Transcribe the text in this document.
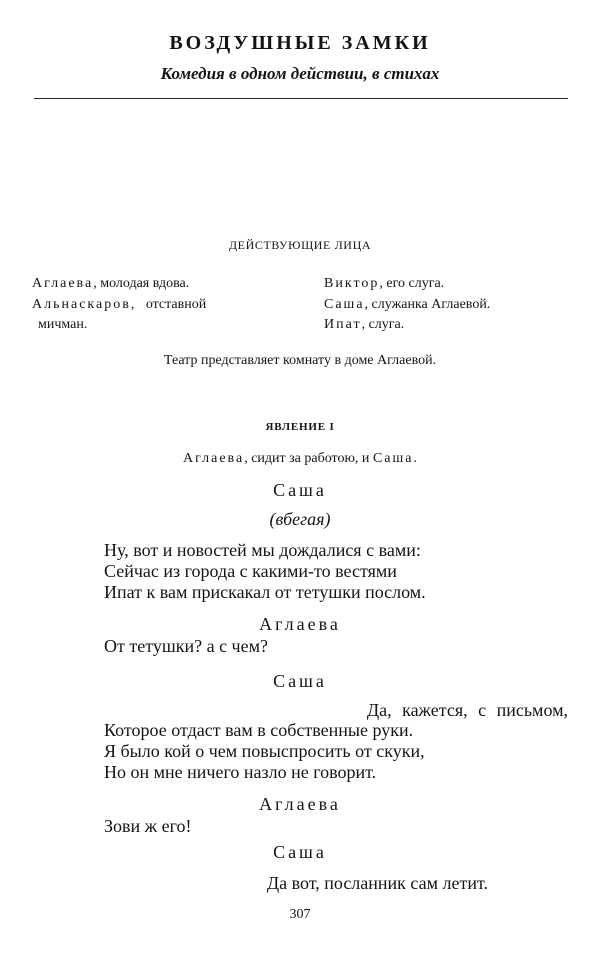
ВОЗДУШНЫЕ ЗАМКИ
Комедия в одном действии, в стихах
ДЕЙСТВУЮЩИЕ ЛИЦА
Аглаева, молодая вдова.
Альнаскаров, отставной
мичман.
Виктор, его слуга.
Саша, служанка Аглаевой.
Ипат, слуга.
Театр представляет комнату в доме Аглаевой.
ЯВЛЕНИЕ I
Аглаева, сидит за работою, и Саша.
Саша
(вбегая)
Ну, вот и новостей мы дождалися с вами:
Сейчас из города с какими-то вестями
Ипат к вам прискакал от тетушки послом.
Аглаева
От тетушки? а с чем?
Саша
Да, кажется, с письмом,
Которое отдаст вам в собственные руки.
Я было кой о чем повыспросить от скуки,
Но он мне ничего назло не говорит.
Аглаева
Зови ж его!
Саша
Да вот, посланник сам летит.
307
